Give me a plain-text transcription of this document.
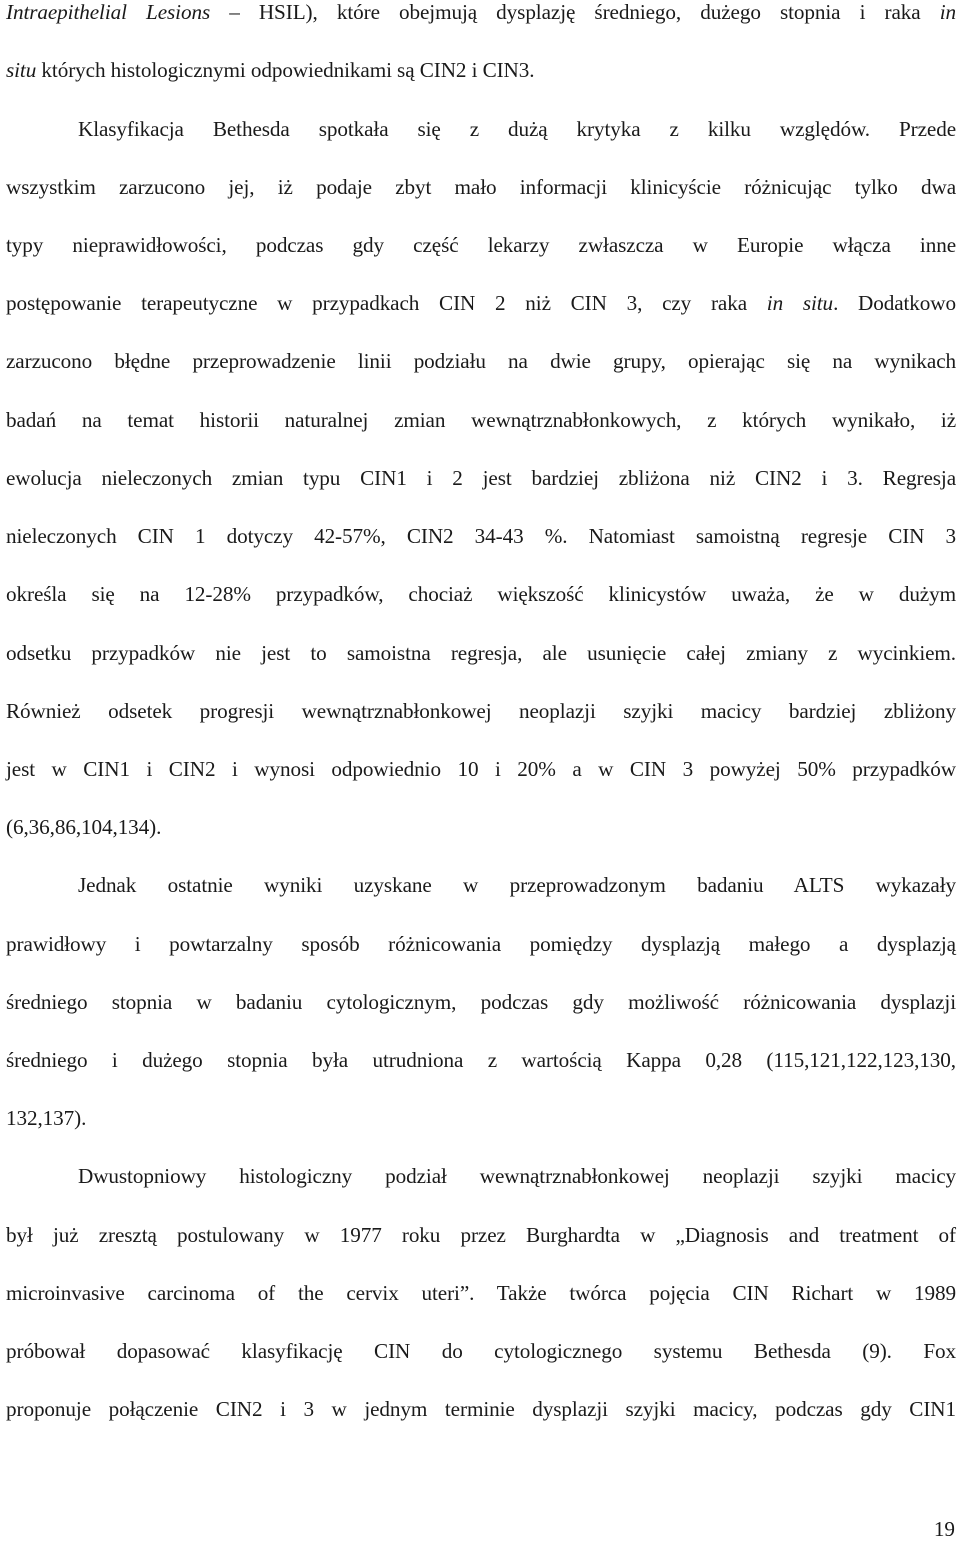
Intraepithelial Lesions – HSIL), które obejmują dysplazję średniego, dużego stopnia i raka in
situ których histologicznymi odpowiednikami są CIN2 i CIN3.
Klasyfikacja Bethesda spotkała się z dużą krytyka z kilku względów. Przede
wszystkim zarzucono jej, iż podaje zbyt mało informacji klinicyście różnicując tylko dwa
typy nieprawidłowości, podczas gdy część lekarzy zwłaszcza w Europie włącza inne
postępowanie terapeutyczne w przypadkach CIN 2 niż CIN 3, czy raka in situ. Dodatkowo
zarzucono błędne przeprowadzenie linii podziału na dwie grupy, opierając się na wynikach
badań na temat historii naturalnej zmian wewnątrznabłonkowych, z których wynikało, iż
ewolucja nieleczonych zmian typu CIN1 i 2 jest bardziej zbliżona niż CIN2 i 3. Regresja
nieleczonych CIN 1 dotyczy 42-57%, CIN2 34-43 %. Natomiast samoistną regresje CIN 3
określa się na 12-28% przypadków, chociaż większość klinicystów uważa, że w dużym
odsetku przypadków nie jest to samoistna regresja, ale usunięcie całej zmiany z wycinkiem.
Również odsetek progresji wewnątrznabłonkowej neoplazji szyjki macicy bardziej zbliżony
jest w CIN1 i CIN2 i wynosi odpowiednio 10 i 20% a w CIN 3 powyżej 50% przypadków
(6,36,86,104,134).
Jednak ostatnie wyniki uzyskane w przeprowadzonym badaniu ALTS wykazały
prawidłowy i powtarzalny sposób różnicowania pomiędzy dysplazją małego a dysplazją
średniego stopnia w badaniu cytologicznym, podczas gdy możliwość różnicowania dysplazji
średniego i dużego stopnia była utrudniona z wartością Kappa 0,28 (115,121,122,123,130,
132,137).
Dwustopniowy histologiczny podział wewnątrznabłonkowej neoplazji szyjki macicy
był już zresztą postulowany w 1977 roku przez Burghardta w „Diagnosis and treatment of
microinvasive carcinoma of the cervix uteri”. Także twórca pojęcia CIN Richart w 1989
próbował dopasować klasyfikację CIN do cytologicznego systemu Bethesda (9). Fox
proponuje połączenie CIN2 i 3 w jednym terminie dysplazji szyjki macicy, podczas gdy CIN1
19
